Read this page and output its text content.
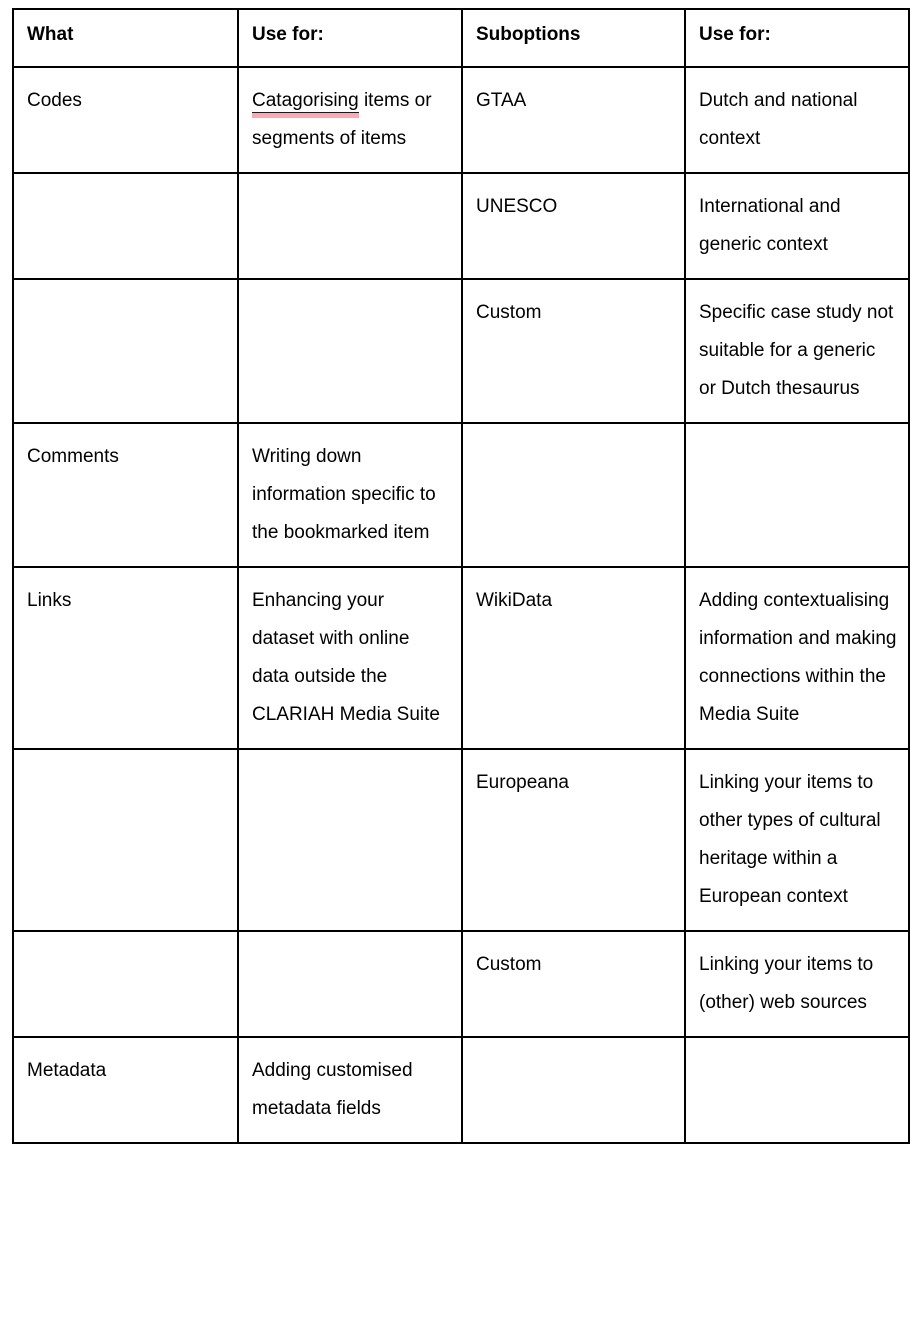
What	Use for:	Suboptions	Use for:
Codes	Catagorising items or segments of items	GTAA	Dutch and national context
		UNESCO	International and generic context
		Custom	Specific case study not suitable for a generic or Dutch thesaurus
Comments	Writing down information specific to the bookmarked item		
Links	Enhancing your dataset with online data outside the CLARIAH Media Suite	WikiData	Adding contextualising information and making connections within the Media Suite
		Europeana	Linking your items to other types of cultural heritage within a European context
		Custom	Linking your items to (other) web sources
Metadata	Adding customised metadata fields		
